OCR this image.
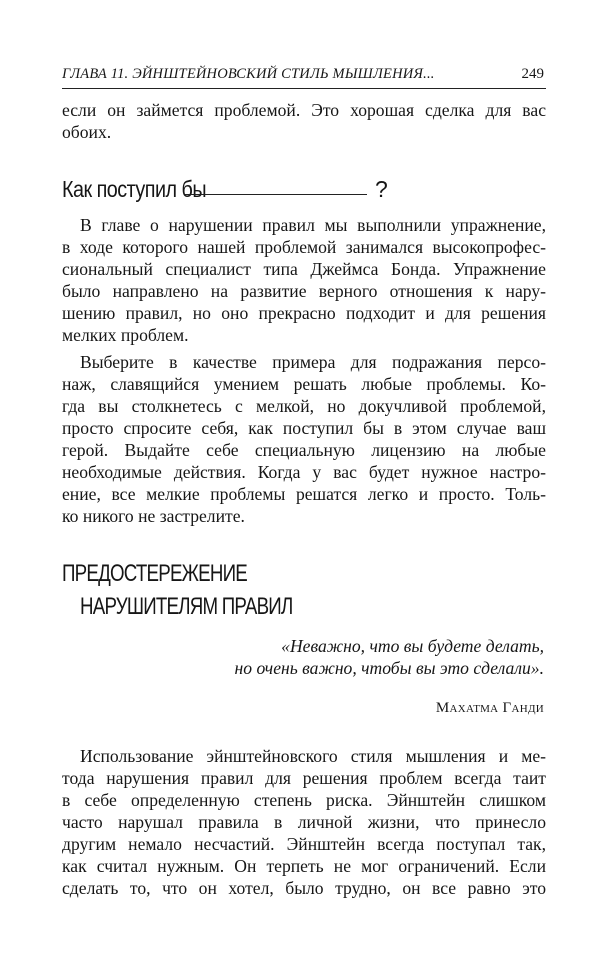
ГЛАВА 11. ЭЙНШТЕЙНОВСКИЙ СТИЛЬ МЫШЛЕНИЯ...	249
если он займется проблемой. Это хорошая сделка для вас
обоих.
Как поступил бы	?
В главе о нарушении правил мы выполнили упражнение,
в ходе которого нашей проблемой занимался высокопрофес-
сиональный специалист типа Джеймса Бонда. Упражнение
было направлено на развитие верного отношения к нару-
шению правил, но оно прекрасно подходит и для решения
мелких проблем.
Выберите в качестве примера для подражания персо-
наж, славящийся умением решать любые проблемы. Ко-
гда вы столкнетесь с мелкой, но докучливой проблемой,
просто спросите себя, как поступил бы в этом случае ваш
герой. Выдайте себе специальную лицензию на любые
необходимые действия. Когда у вас будет нужное настро-
ение, все мелкие проблемы решатся легко и просто. Толь-
ко никого не застрелите.
ПРЕДОСТЕРЕЖЕНИЕ
НАРУШИТЕЛЯМ ПРАВИЛ
«Неважно, что вы будете делать,
но очень важно, чтобы вы это сделали».
Махатма Ганди
Использование эйнштейновского стиля мышления и ме-
тода нарушения правил для решения проблем всегда таит
в себе определенную степень риска. Эйнштейн слишком
часто нарушал правила в личной жизни, что принесло
другим немало несчастий. Эйнштейн всегда поступал так,
как считал нужным. Он терпеть не мог ограничений. Если
сделать то, что он хотел, было трудно, он все равно это
